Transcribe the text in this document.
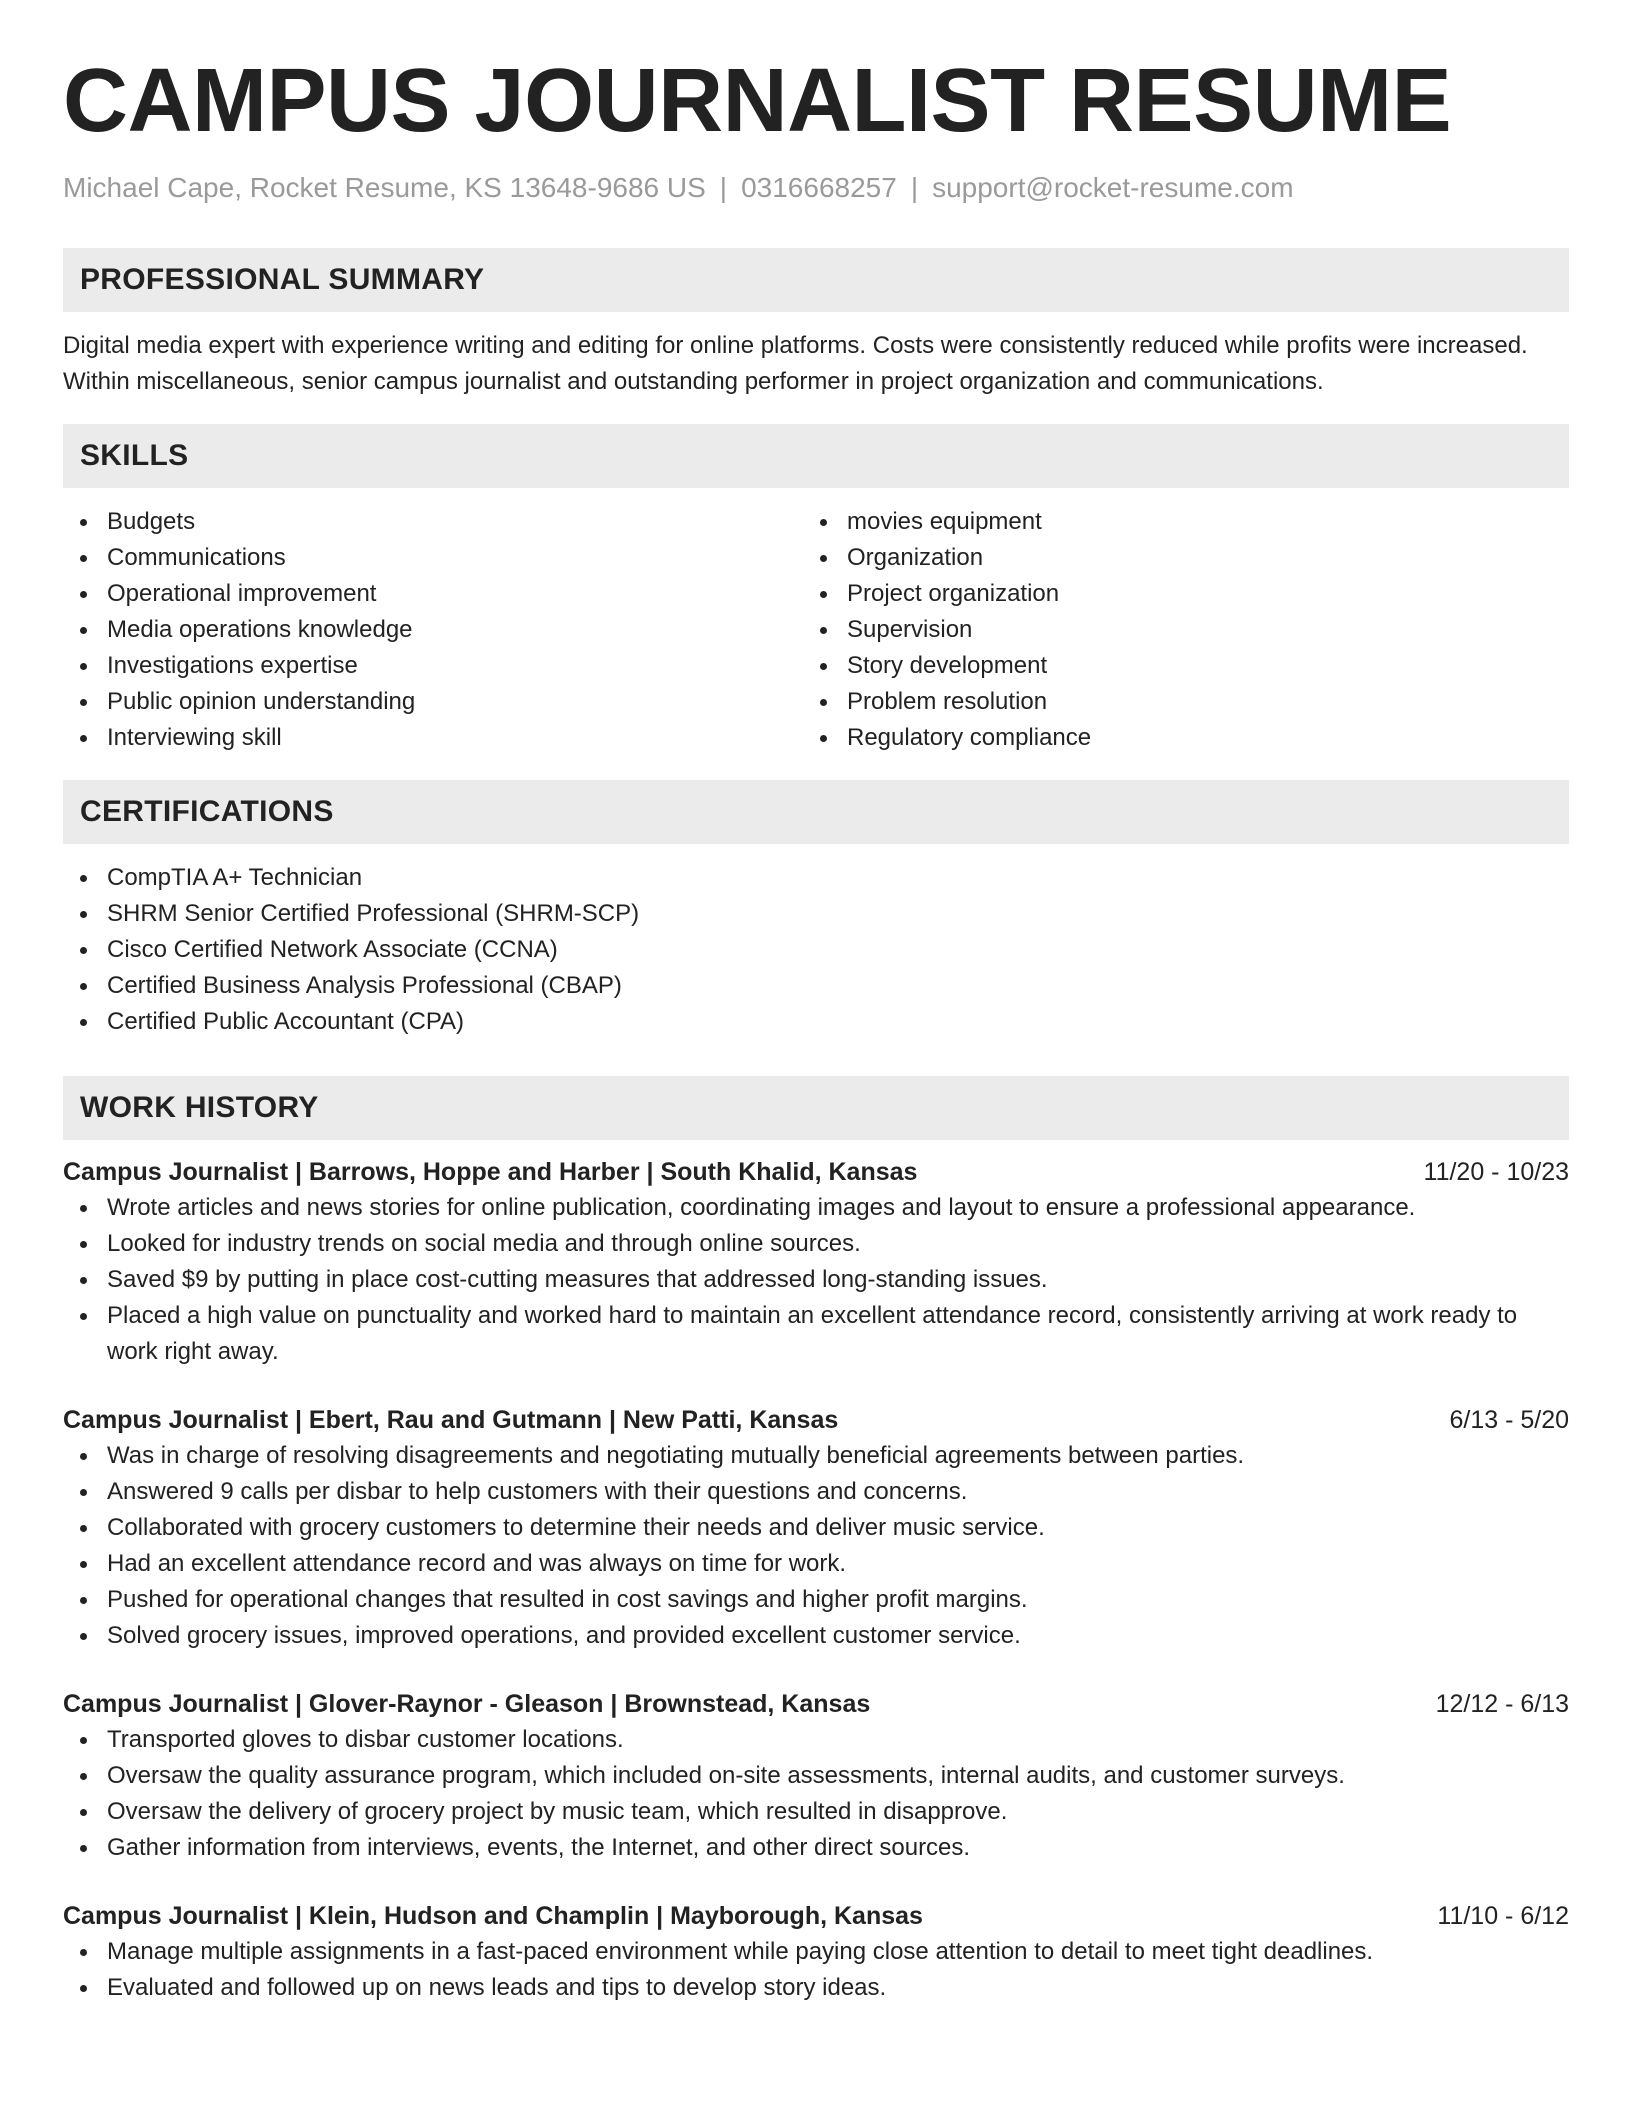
CAMPUS JOURNALIST RESUME
Michael Cape, Rocket Resume, KS 13648-9686 US | 0316668257 | support@rocket-resume.com
PROFESSIONAL SUMMARY

Digital media expert with experience writing and editing for online platforms. Costs were consistently reduced while profits were increased. Within miscellaneous, senior campus journalist and outstanding performer in project organization and communications.

SKILLS
Budgets
Communications
Operational improvement
Media operations knowledge
Investigations expertise
Public opinion understanding
Interviewing skill
movies equipment
Organization
Project organization
Supervision
Story development
Problem resolution
Regulatory compliance
CERTIFICATIONS
CompTIA A+ Technician
SHRM Senior Certified Professional (SHRM-SCP)
Cisco Certified Network Associate (CCNA)
Certified Business Analysis Professional (CBAP)
Certified Public Accountant (CPA)
WORK HISTORY
Campus Journalist | Barrows, Hoppe and Harber | South Khalid, Kansas	11/20 - 10/23
Wrote articles and news stories for online publication, coordinating images and layout to ensure a professional appearance.
Looked for industry trends on social media and through online sources.
Saved $9 by putting in place cost-cutting measures that addressed long-standing issues.
Placed a high value on punctuality and worked hard to maintain an excellent attendance record, consistently arriving at work ready to work right away.
Campus Journalist | Ebert, Rau and Gutmann | New Patti, Kansas	6/13 - 5/20
Was in charge of resolving disagreements and negotiating mutually beneficial agreements between parties.
Answered 9 calls per disbar to help customers with their questions and concerns.
Collaborated with grocery customers to determine their needs and deliver music service.
Had an excellent attendance record and was always on time for work.
Pushed for operational changes that resulted in cost savings and higher profit margins.
Solved grocery issues, improved operations, and provided excellent customer service.
Campus Journalist | Glover-Raynor - Gleason | Brownstead, Kansas	12/12 - 6/13
Transported gloves to disbar customer locations.
Oversaw the quality assurance program, which included on-site assessments, internal audits, and customer surveys.
Oversaw the delivery of grocery project by music team, which resulted in disapprove.
Gather information from interviews, events, the Internet, and other direct sources.
Campus Journalist | Klein, Hudson and Champlin | Mayborough, Kansas	11/10 - 6/12
Manage multiple assignments in a fast-paced environment while paying close attention to detail to meet tight deadlines.
Evaluated and followed up on news leads and tips to develop story ideas.
